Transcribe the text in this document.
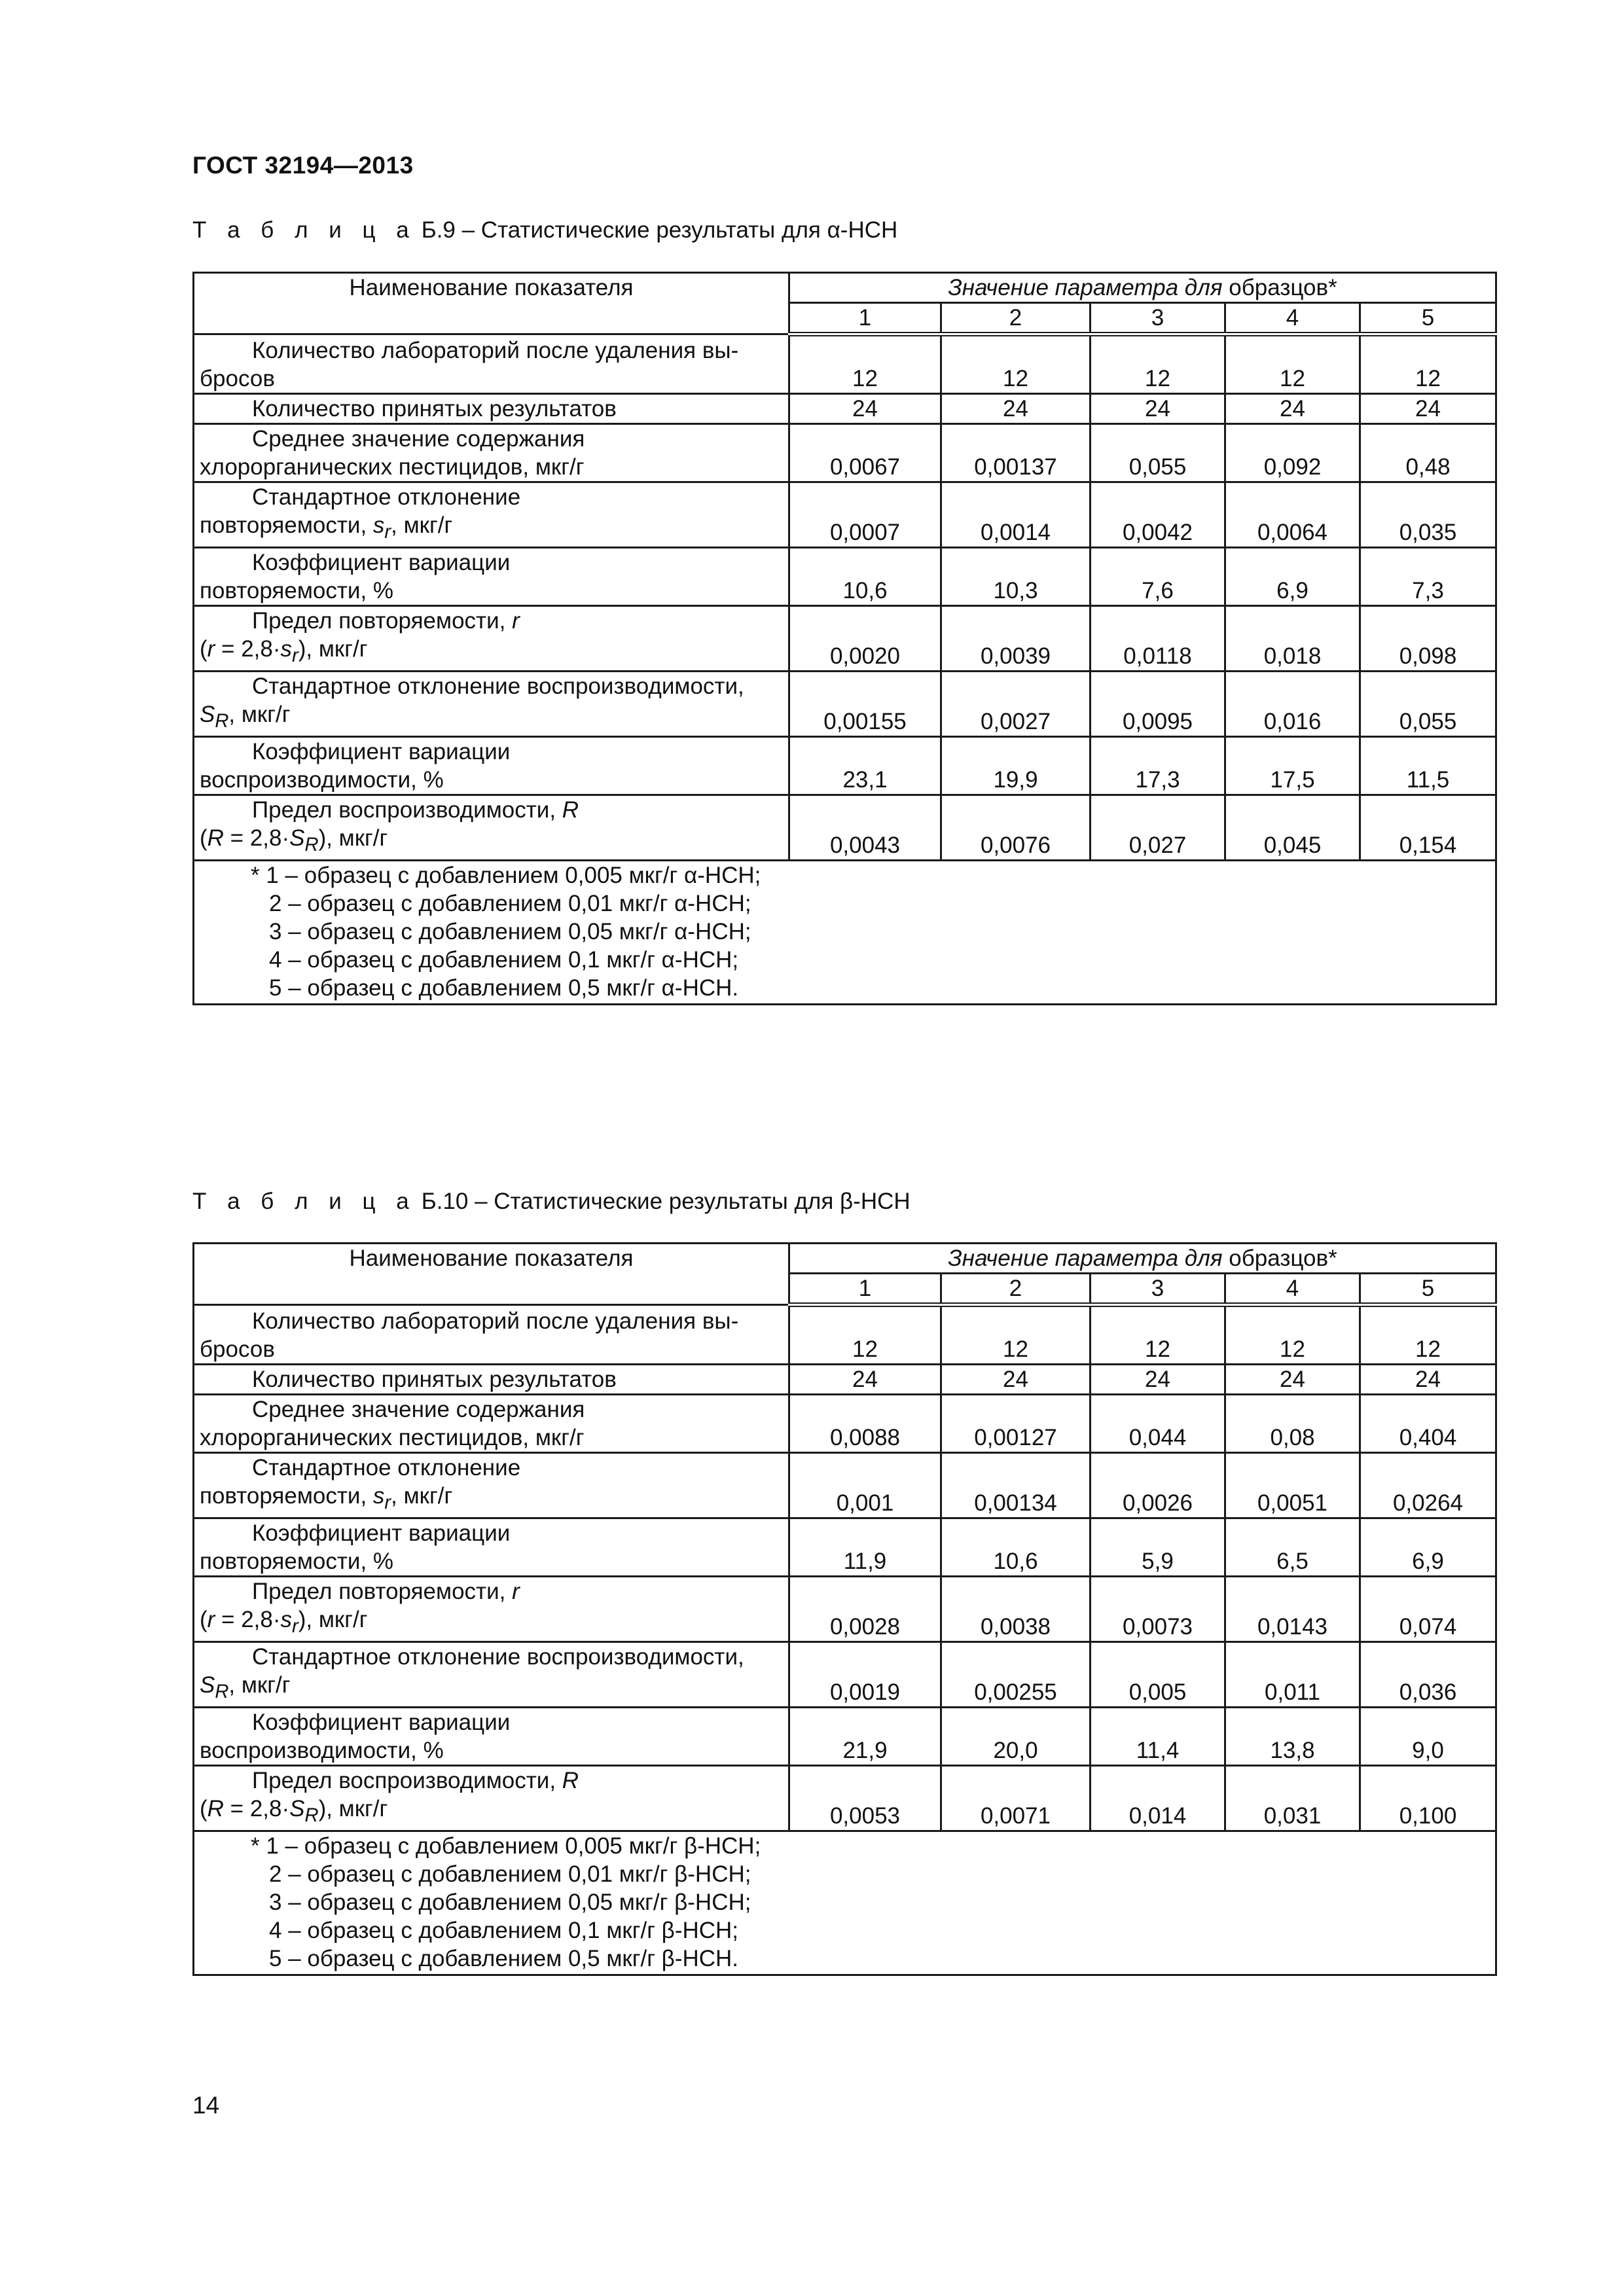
ГОСТ 32194—2013
Т а б л и ц а Б.9 – Статистические результаты для α-HCH
Наименование показателя	Значение параметра для образцов*				
	1	2	3	4	5

Количество лабораторий после удаления вы-
бросов	12	12	12	12	12

Количество принятых результатов	24	24	24	24	24

Среднее значение содержания
хлорорганических пестицидов, мкг/г	0,0067	0,00137	0,055	0,092	0,48

Стандартное отклонение
повторяемости, $s_r$, мкг/г	0,0007	0,0014	0,0042	0,0064	0,035

Коэффициент вариации
повторяемости, %	10,6	10,3	7,6	6,9	7,3

Предел повторяемости, r
$(r = 2,8\cdot s_r)$, мкг/г	0,0020	0,0039	0,0118	0,018	0,098

Стандартное отклонение воспроизводимости,
$S_R$, мкг/г	0,00155	0,0027	0,0095	0,016	0,055

Коэффициент вариации
воспроизводимости, %	23,1	19,9	17,3	17,5	11,5

Предел воспроизводимости, R
$(R = 2,8\cdot S_R)$, мкг/г	0,0043	0,0076	0,027	0,045	0,154

* 1 – образец с добавлением 0,005 мкг/г α-HCH;
2 – образец с добавлением 0,01 мкг/г α-HCH;
3 – образец с добавлением 0,05 мкг/г α-HCH;
4 – образец с добавлением 0,1 мкг/г α-HCH;
5 – образец с добавлением 0,5 мкг/г α-HCH.					
Т а б л и ц а Б.10 – Статистические результаты для β-HCH
Наименование показателя	Значение параметра для образцов*				
	1	2	3	4	5

Количество лабораторий после удаления вы-
бросов	12	12	12	12	12

Количество принятых результатов	24	24	24	24	24

Среднее значение содержания
хлорорганических пестицидов, мкг/г	0,0088	0,00127	0,044	0,08	0,404

Стандартное отклонение
повторяемости, $s_r$, мкг/г	0,001	0,00134	0,0026	0,0051	0,0264

Коэффициент вариации
повторяемости, %	11,9	10,6	5,9	6,5	6,9

Предел повторяемости, r
$(r = 2,8\cdot s_r)$, мкг/г	0,0028	0,0038	0,0073	0,0143	0,074

Стандартное отклонение воспроизводимости,
$S_R$, мкг/г	0,0019	0,00255	0,005	0,011	0,036

Коэффициент вариации
воспроизводимости, %	21,9	20,0	11,4	13,8	9,0

Предел воспроизводимости, R
$(R = 2,8\cdot S_R)$, мкг/г	0,0053	0,0071	0,014	0,031	0,100

* 1 – образец с добавлением 0,005 мкг/г β-HCH;
2 – образец с добавлением 0,01 мкг/г β-HCH;
3 – образец с добавлением 0,05 мкг/г β-HCH;
4 – образец с добавлением 0,1 мкг/г β-HCH;
5 – образец с добавлением 0,5 мкг/г β-HCH.					
14
